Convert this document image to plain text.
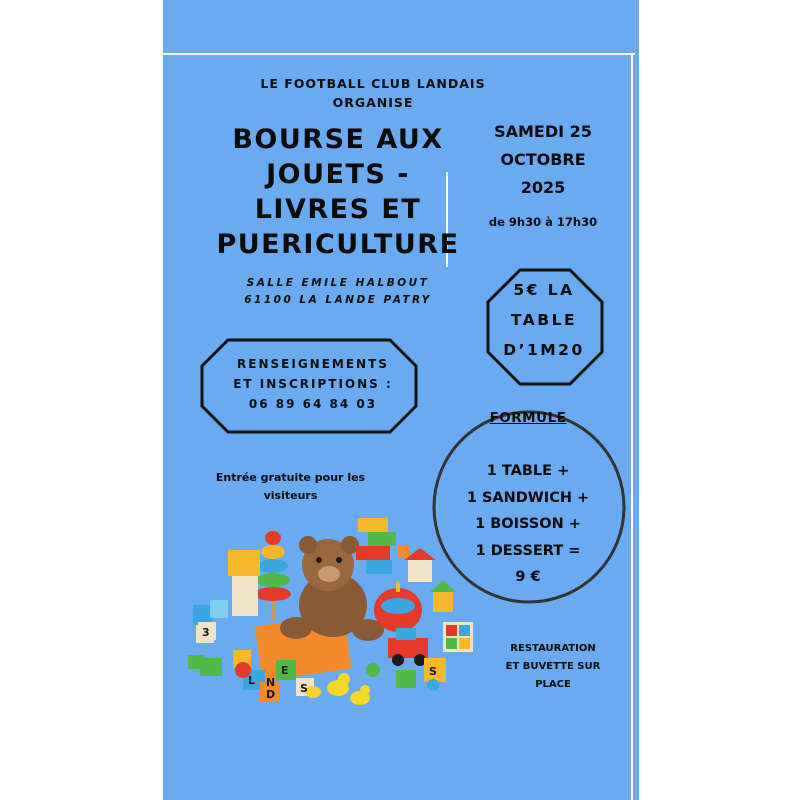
LE FOOTBALL CLUB LANDAIS
ORGANISE
BOURSE AUX
JOUETS -
LIVRES ET
PUERICULTURE
SALLE EMILE HALBOUT
61100 LA LANDE PATRY
SAMEDI 25
OCTOBRE
2025
de 9h30 à 17h30
5€ LA
TABLE
D’1M20
RENSEIGNEMENTS
ET INSCRIPTIONS :
06 89 64 84 03
Entrée gratuite pour les
visiteurs
FORMULE
1 TABLE +
1 SANDWICH +
1 BOISSON +
1 DESSERT =
9 €
RESTAURATION
ET BUVETTE SUR
PLACE
3
D
N
E
S
L
S
